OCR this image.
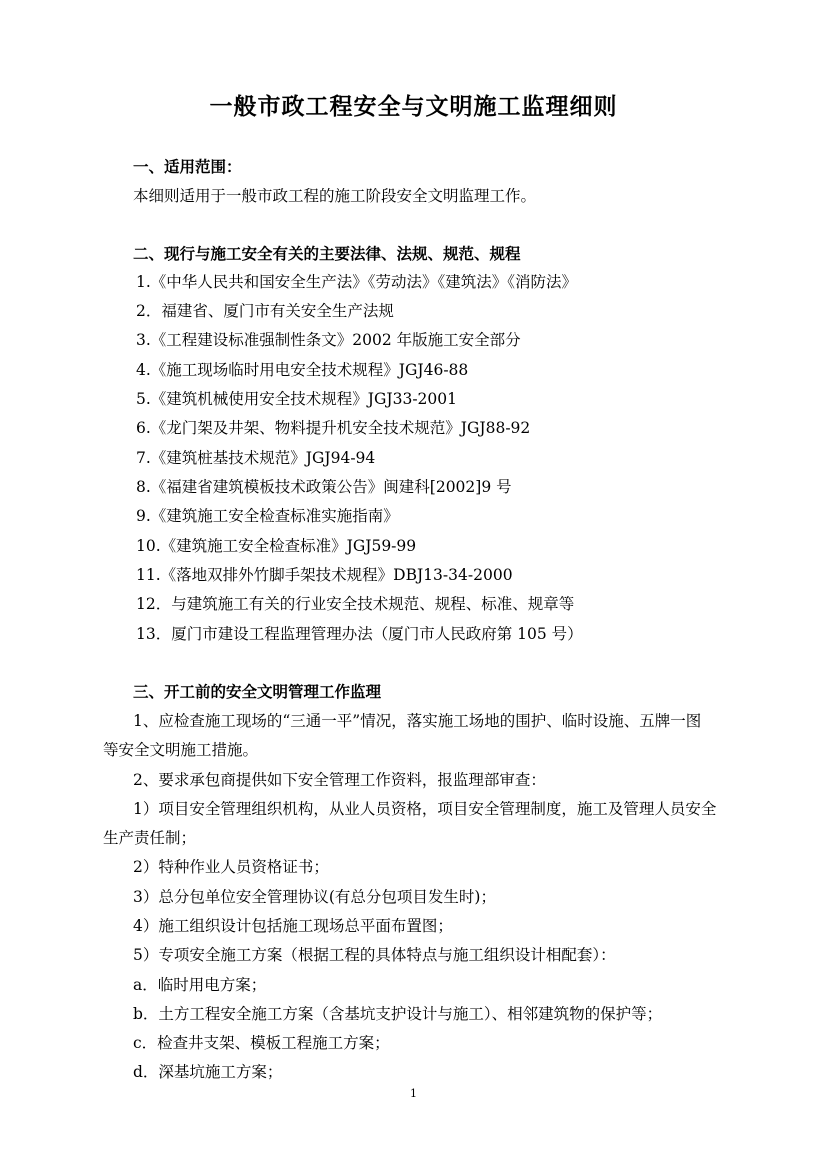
一般市政工程安全与文明施工监理细则
一、适用范围：
本细则适用于一般市政工程的施工阶段安全文明监理工作。
二、现行与施工安全有关的主要法律、法规、规范、规程
1.《中华人民共和国安全生产法》《劳动法》《建筑法》《消防法》
2．福建省、厦门市有关安全生产法规
3.《工程建设标准强制性条文》2002 年版施工安全部分
4.《施工现场临时用电安全技术规程》JGJ46-88
5.《建筑机械使用安全技术规程》JGJ33-2001
6.《龙门架及井架、物料提升机安全技术规范》JGJ88-92
7.《建筑桩基技术规范》JGJ94-94
8.《福建省建筑模板技术政策公告》闽建科[2002]9 号
9.《建筑施工安全检查标准实施指南》
10.《建筑施工安全检查标准》JGJ59-99
11.《落地双排外竹脚手架技术规程》DBJ13-34-2000
12．与建筑施工有关的行业安全技术规范、规程、标准、规章等
13．厦门市建设工程监理管理办法（厦门市人民政府第 105 号）
三、开工前的安全文明管理工作监理
1、应检查施工现场的“三通一平”情况，落实施工场地的围护、临时设施、五牌一图
等安全文明施工措施。
2、要求承包商提供如下安全管理工作资料，报监理部审查：
1）项目安全管理组织机构，从业人员资格，项目安全管理制度，施工及管理人员安全
生产责任制；
2）特种作业人员资格证书；
3）总分包单位安全管理协议(有总分包项目发生时)；
4）施工组织设计包括施工现场总平面布置图；
5）专项安全施工方案（根据工程的具体特点与施工组织设计相配套）：
a．临时用电方案；
b．土方工程安全施工方案（含基坑支护设计与施工）、相邻建筑物的保护等；
c．检查井支架、模板工程施工方案；
d．深基坑施工方案；
1
